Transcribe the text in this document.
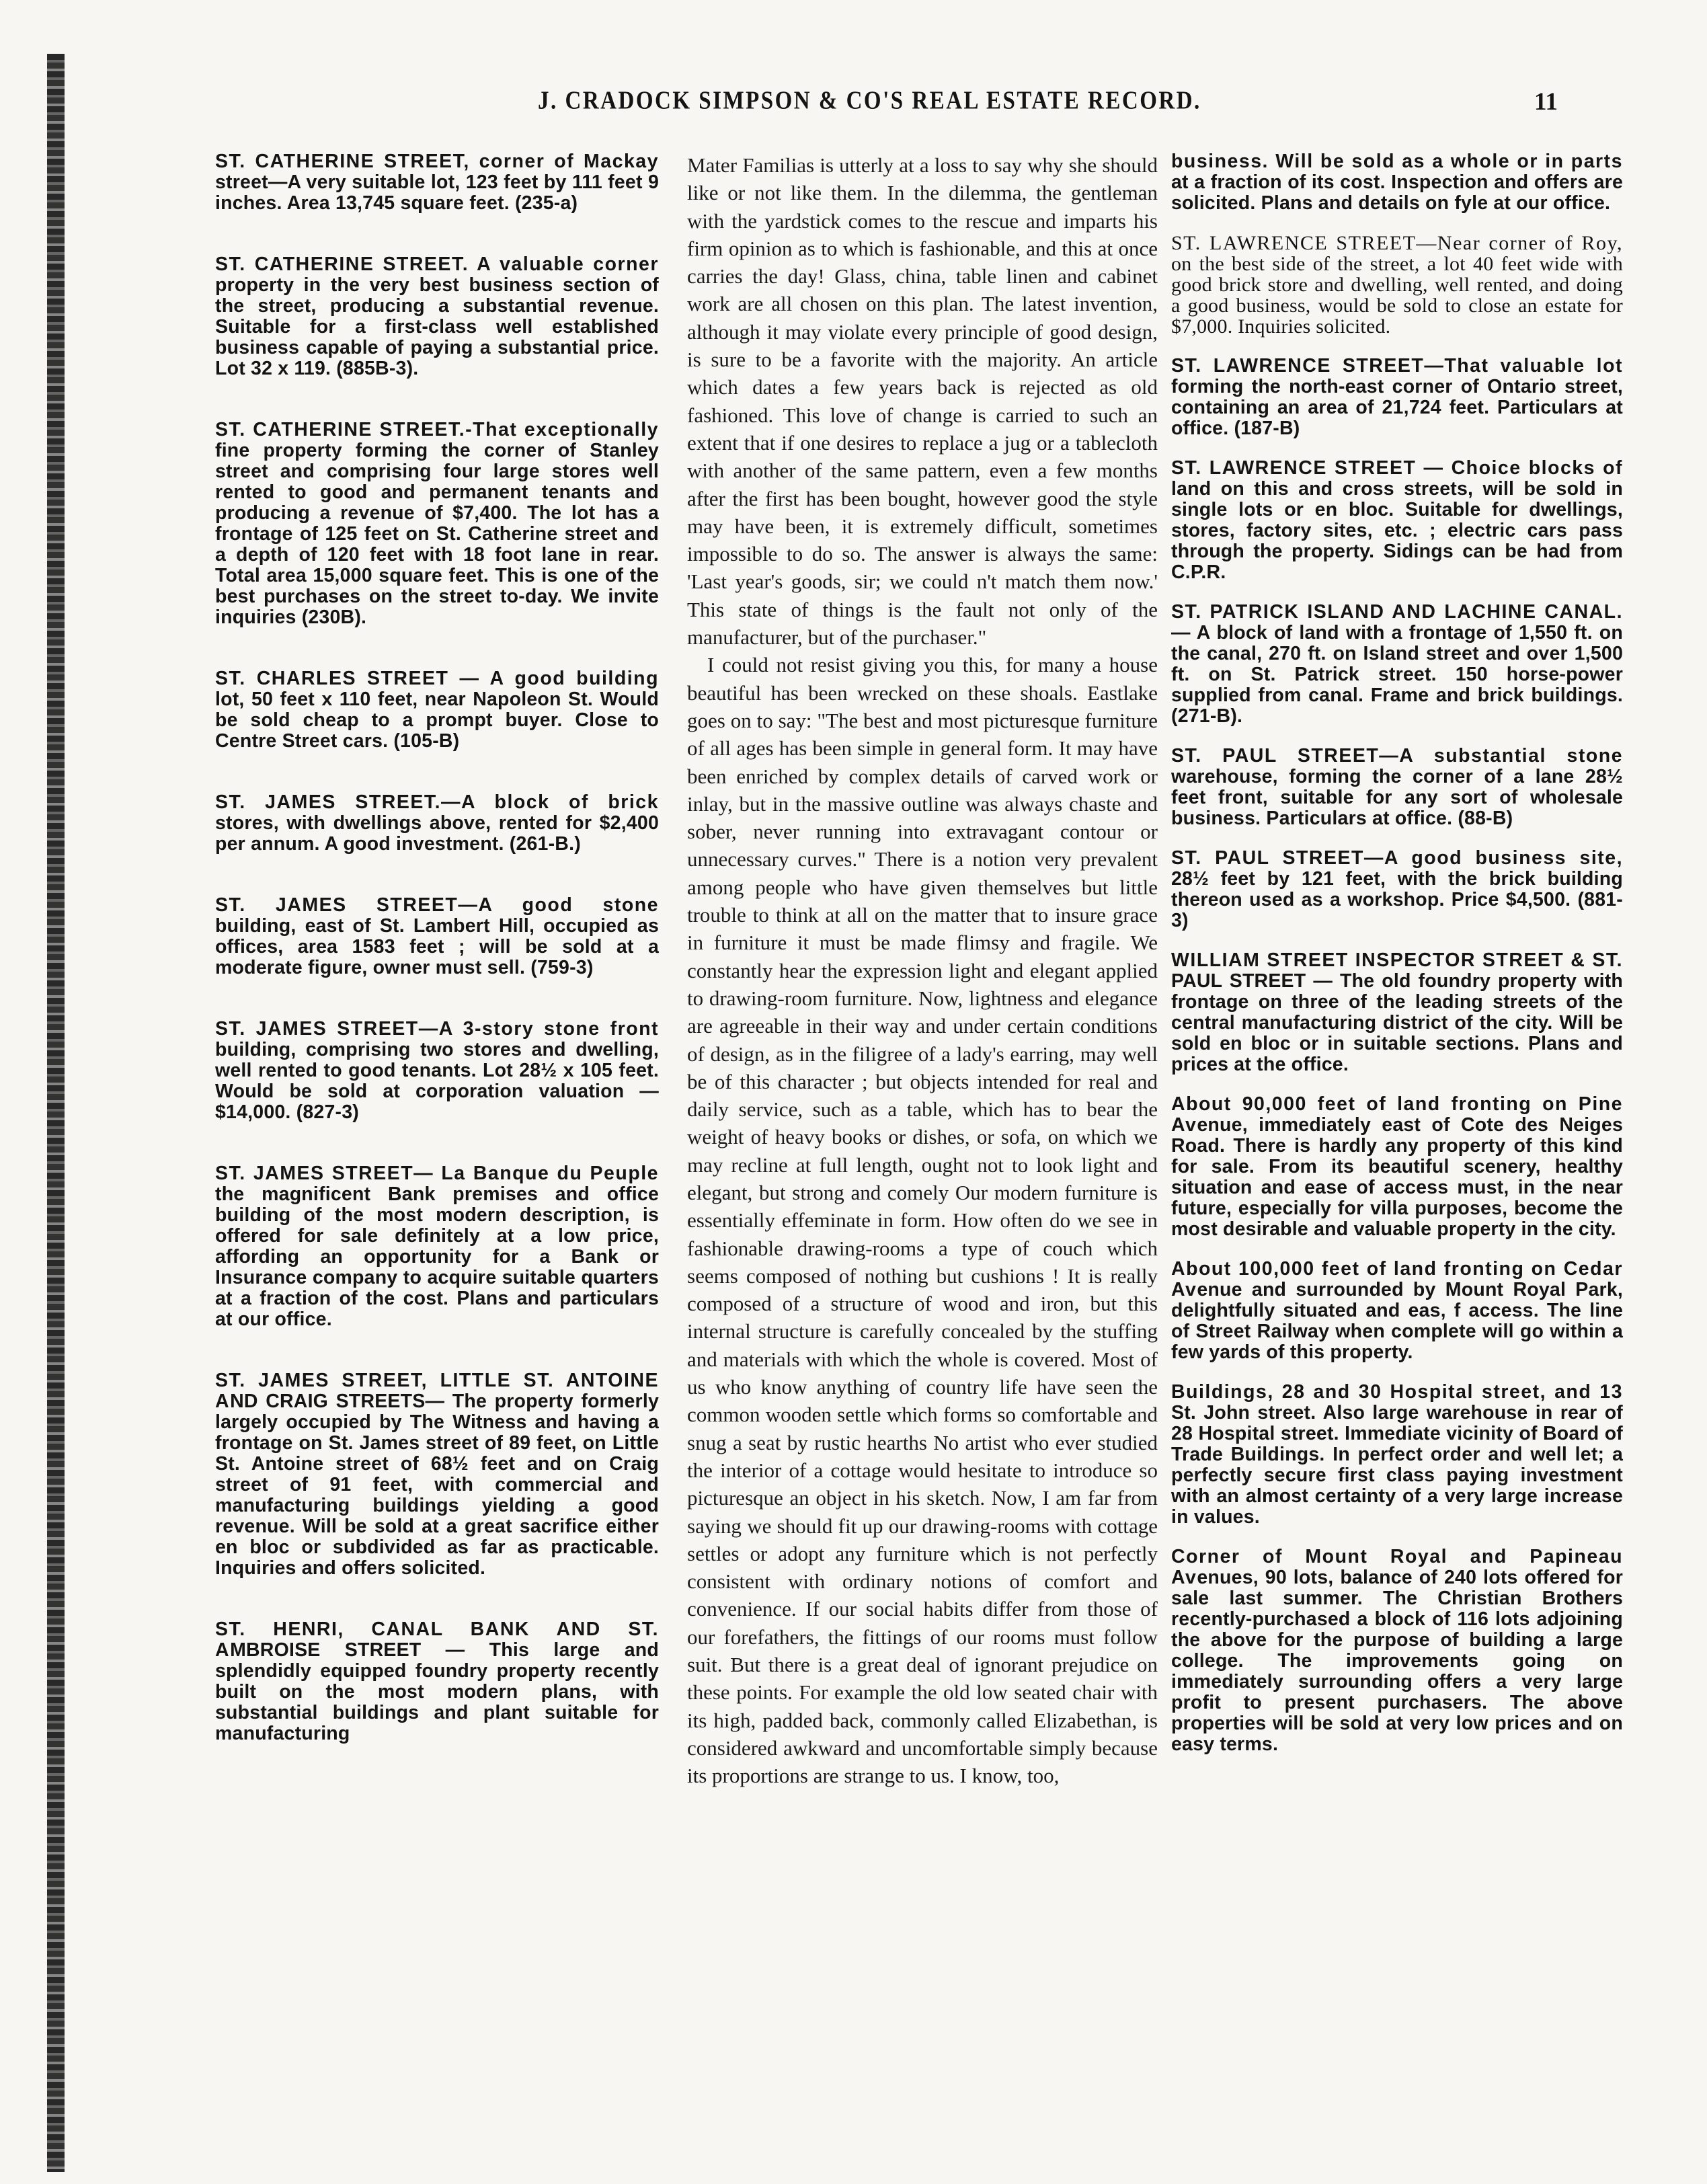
J. CRADOCK SIMPSON & CO'S REAL ESTATE RECORD.	11

ST. CATHERINE STREET, corner of Mackay street—A very suitable lot, 123 feet by 111 feet 9 inches. Area 13,745 square feet. (235-a)

ST. CATHERINE STREET. A valuable corner property in the very best business section of the street, producing a substantial revenue. Suitable for a first-class well established business capable of paying a substantial price. Lot 32 x 119. (885B-3).

ST. CATHERINE STREET.-That exceptionally fine property forming the corner of Stanley street and comprising four large stores well rented to good and permanent tenants and producing a revenue of $7,400. The lot has a frontage of 125 feet on St. Catherine street and a depth of 120 feet with 18 foot lane in rear. Total area 15,000 square feet. This is one of the best purchases on the street to-day. We invite inquiries (230B).

ST. CHARLES STREET — A good building lot, 50 feet x 110 feet, near Napoleon St. Would be sold cheap to a prompt buyer. Close to Centre Street cars. (105-B)

ST. JAMES STREET.—A block of brick stores, with dwellings above, rented for $2,400 per annum. A good investment. (261-B.)

ST. JAMES STREET—A good stone building, east of St. Lambert Hill, occupied as offices, area 1583 feet ; will be sold at a moderate figure, owner must sell. (759-3)

ST. JAMES STREET—A 3-story stone front building, comprising two stores and dwelling, well rented to good tenants. Lot 28½ x 105 feet. Would be sold at corporation valuation — $14,000. (827-3)

ST. JAMES STREET— La Banque du Peuple the magnificent Bank premises and office building of the most modern description, is offered for sale definitely at a low price, affording an opportunity for a Bank or Insurance company to acquire suitable quarters at a fraction of the cost. Plans and particulars at our office.

ST. JAMES STREET, LITTLE ST. ANTOINE AND CRAIG STREETS— The property formerly largely occupied by The Witness and having a frontage on St. James street of 89 feet, on Little St. Antoine street of 68½ feet and on Craig street of 91 feet, with commercial and manufacturing buildings yielding a good revenue. Will be sold at a great sacrifice either en bloc or subdivided as far as practicable. Inquiries and offers solicited.

ST. HENRI, CANAL BANK AND ST. AMBROISE STREET — This large and splendidly equipped foundry property recently built on the most modern plans, with substantial buildings and plant suitable for manufacturing

Mater Familias is utterly at a loss to say why she should like or not like them. In the dilemma, the gentleman with the yardstick comes to the rescue and imparts his firm opinion as to which is fashionable, and this at once carries the day! Glass, china, table linen and cabinet work are all chosen on this plan. The latest invention, although it may violate every principle of good design, is sure to be a favorite with the majority. An article which dates a few years back is rejected as old fashioned. This love of change is carried to such an extent that if one desires to replace a jug or a tablecloth with another of the same pattern, even a few months after the first has been bought, however good the style may have been, it is extremely difficult, sometimes impossible to do so. The answer is always the same: 'Last year's goods, sir; we could n't match them now.' This state of things is the fault not only of the manufacturer, but of the purchaser."

I could not resist giving you this, for many a house beautiful has been wrecked on these shoals. Eastlake goes on to say: "The best and most picturesque furniture of all ages has been simple in general form. It may have been enriched by complex details of carved work or inlay, but in the massive outline was always chaste and sober, never running into extravagant contour or unnecessary curves." There is a notion very prevalent among people who have given themselves but little trouble to think at all on the matter that to insure grace in furniture it must be made flimsy and fragile. We constantly hear the expression light and elegant applied to drawing-room furniture. Now, lightness and elegance are agreeable in their way and under certain conditions of design, as in the filigree of a lady's earring, may well be of this character ; but objects intended for real and daily service, such as a table, which has to bear the weight of heavy books or dishes, or sofa, on which we may recline at full length, ought not to look light and elegant, but strong and comely Our modern furniture is essentially effeminate in form. How often do we see in fashionable drawing-rooms a type of couch which seems composed of nothing but cushions ! It is really composed of a structure of wood and iron, but this internal structure is carefully concealed by the stuffing and materials with which the whole is covered. Most of us who know anything of country life have seen the common wooden settle which forms so comfortable and snug a seat by rustic hearths No artist who ever studied the interior of a cottage would hesitate to introduce so picturesque an object in his sketch. Now, I am far from saying we should fit up our drawing-rooms with cottage settles or adopt any furniture which is not perfectly consistent with ordinary notions of comfort and convenience. If our social habits differ from those of our forefathers, the fittings of our rooms must follow suit. But there is a great deal of ignorant prejudice on these points. For example the old low seated chair with its high, padded back, commonly called Elizabethan, is considered awkward and uncomfortable simply because its proportions are strange to us. I know, too,

business. Will be sold as a whole or in parts at a fraction of its cost. Inspection and offers are solicited. Plans and details on fyle at our office.

ST. LAWRENCE STREET—Near corner of Roy, on the best side of the street, a lot 40 feet wide with good brick store and dwelling, well rented, and doing a good business, would be sold to close an estate for $7,000. Inquiries solicited.

ST. LAWRENCE STREET—That valuable lot forming the north-east corner of Ontario street, containing an area of 21,724 feet. Particulars at office. (187-B)

ST. LAWRENCE STREET — Choice blocks of land on this and cross streets, will be sold in single lots or en bloc. Suitable for dwellings, stores, factory sites, etc. ; electric cars pass through the property. Sidings can be had from C.P.R.

ST. PATRICK ISLAND AND LACHINE CANAL. — A block of land with a frontage of 1,550 ft. on the canal, 270 ft. on Island street and over 1,500 ft. on St. Patrick street. 150 horse-power supplied from canal. Frame and brick buildings. (271-B).

ST. PAUL STREET—A substantial stone warehouse, forming the corner of a lane 28½ feet front, suitable for any sort of wholesale business. Particulars at office. (88-B)

ST. PAUL STREET—A good business site, 28½ feet by 121 feet, with the brick building thereon used as a workshop. Price $4,500. (881-3)

WILLIAM STREET INSPECTOR STREET & ST. PAUL STREET — The old foundry property with frontage on three of the leading streets of the central manufacturing district of the city. Will be sold en bloc or in suitable sections. Plans and prices at the office.

About 90,000 feet of land fronting on Pine Avenue, immediately east of Cote des Neiges Road. There is hardly any property of this kind for sale. From its beautiful scenery, healthy situation and ease of access must, in the near future, especially for villa purposes, become the most desirable and valuable property in the city.

About 100,000 feet of land fronting on Cedar Avenue and surrounded by Mount Royal Park, delightfully situated and eas, f access. The line of Street Railway when complete will go within a few yards of this property.

Buildings, 28 and 30 Hospital street, and 13 St. John street. Also large warehouse in rear of 28 Hospital street. Immediate vicinity of Board of Trade Buildings. In perfect order and well let; a perfectly secure first class paying investment with an almost certainty of a very large increase in values.

Corner of Mount Royal and Papineau Avenues, 90 lots, balance of 240 lots offered for sale last summer. The Christian Brothers recently-purchased a block of 116 lots adjoining the above for the purpose of building a large college. The improvements going on immediately surrounding offers a very large profit to present purchasers. The above properties will be sold at very low prices and on easy terms.
